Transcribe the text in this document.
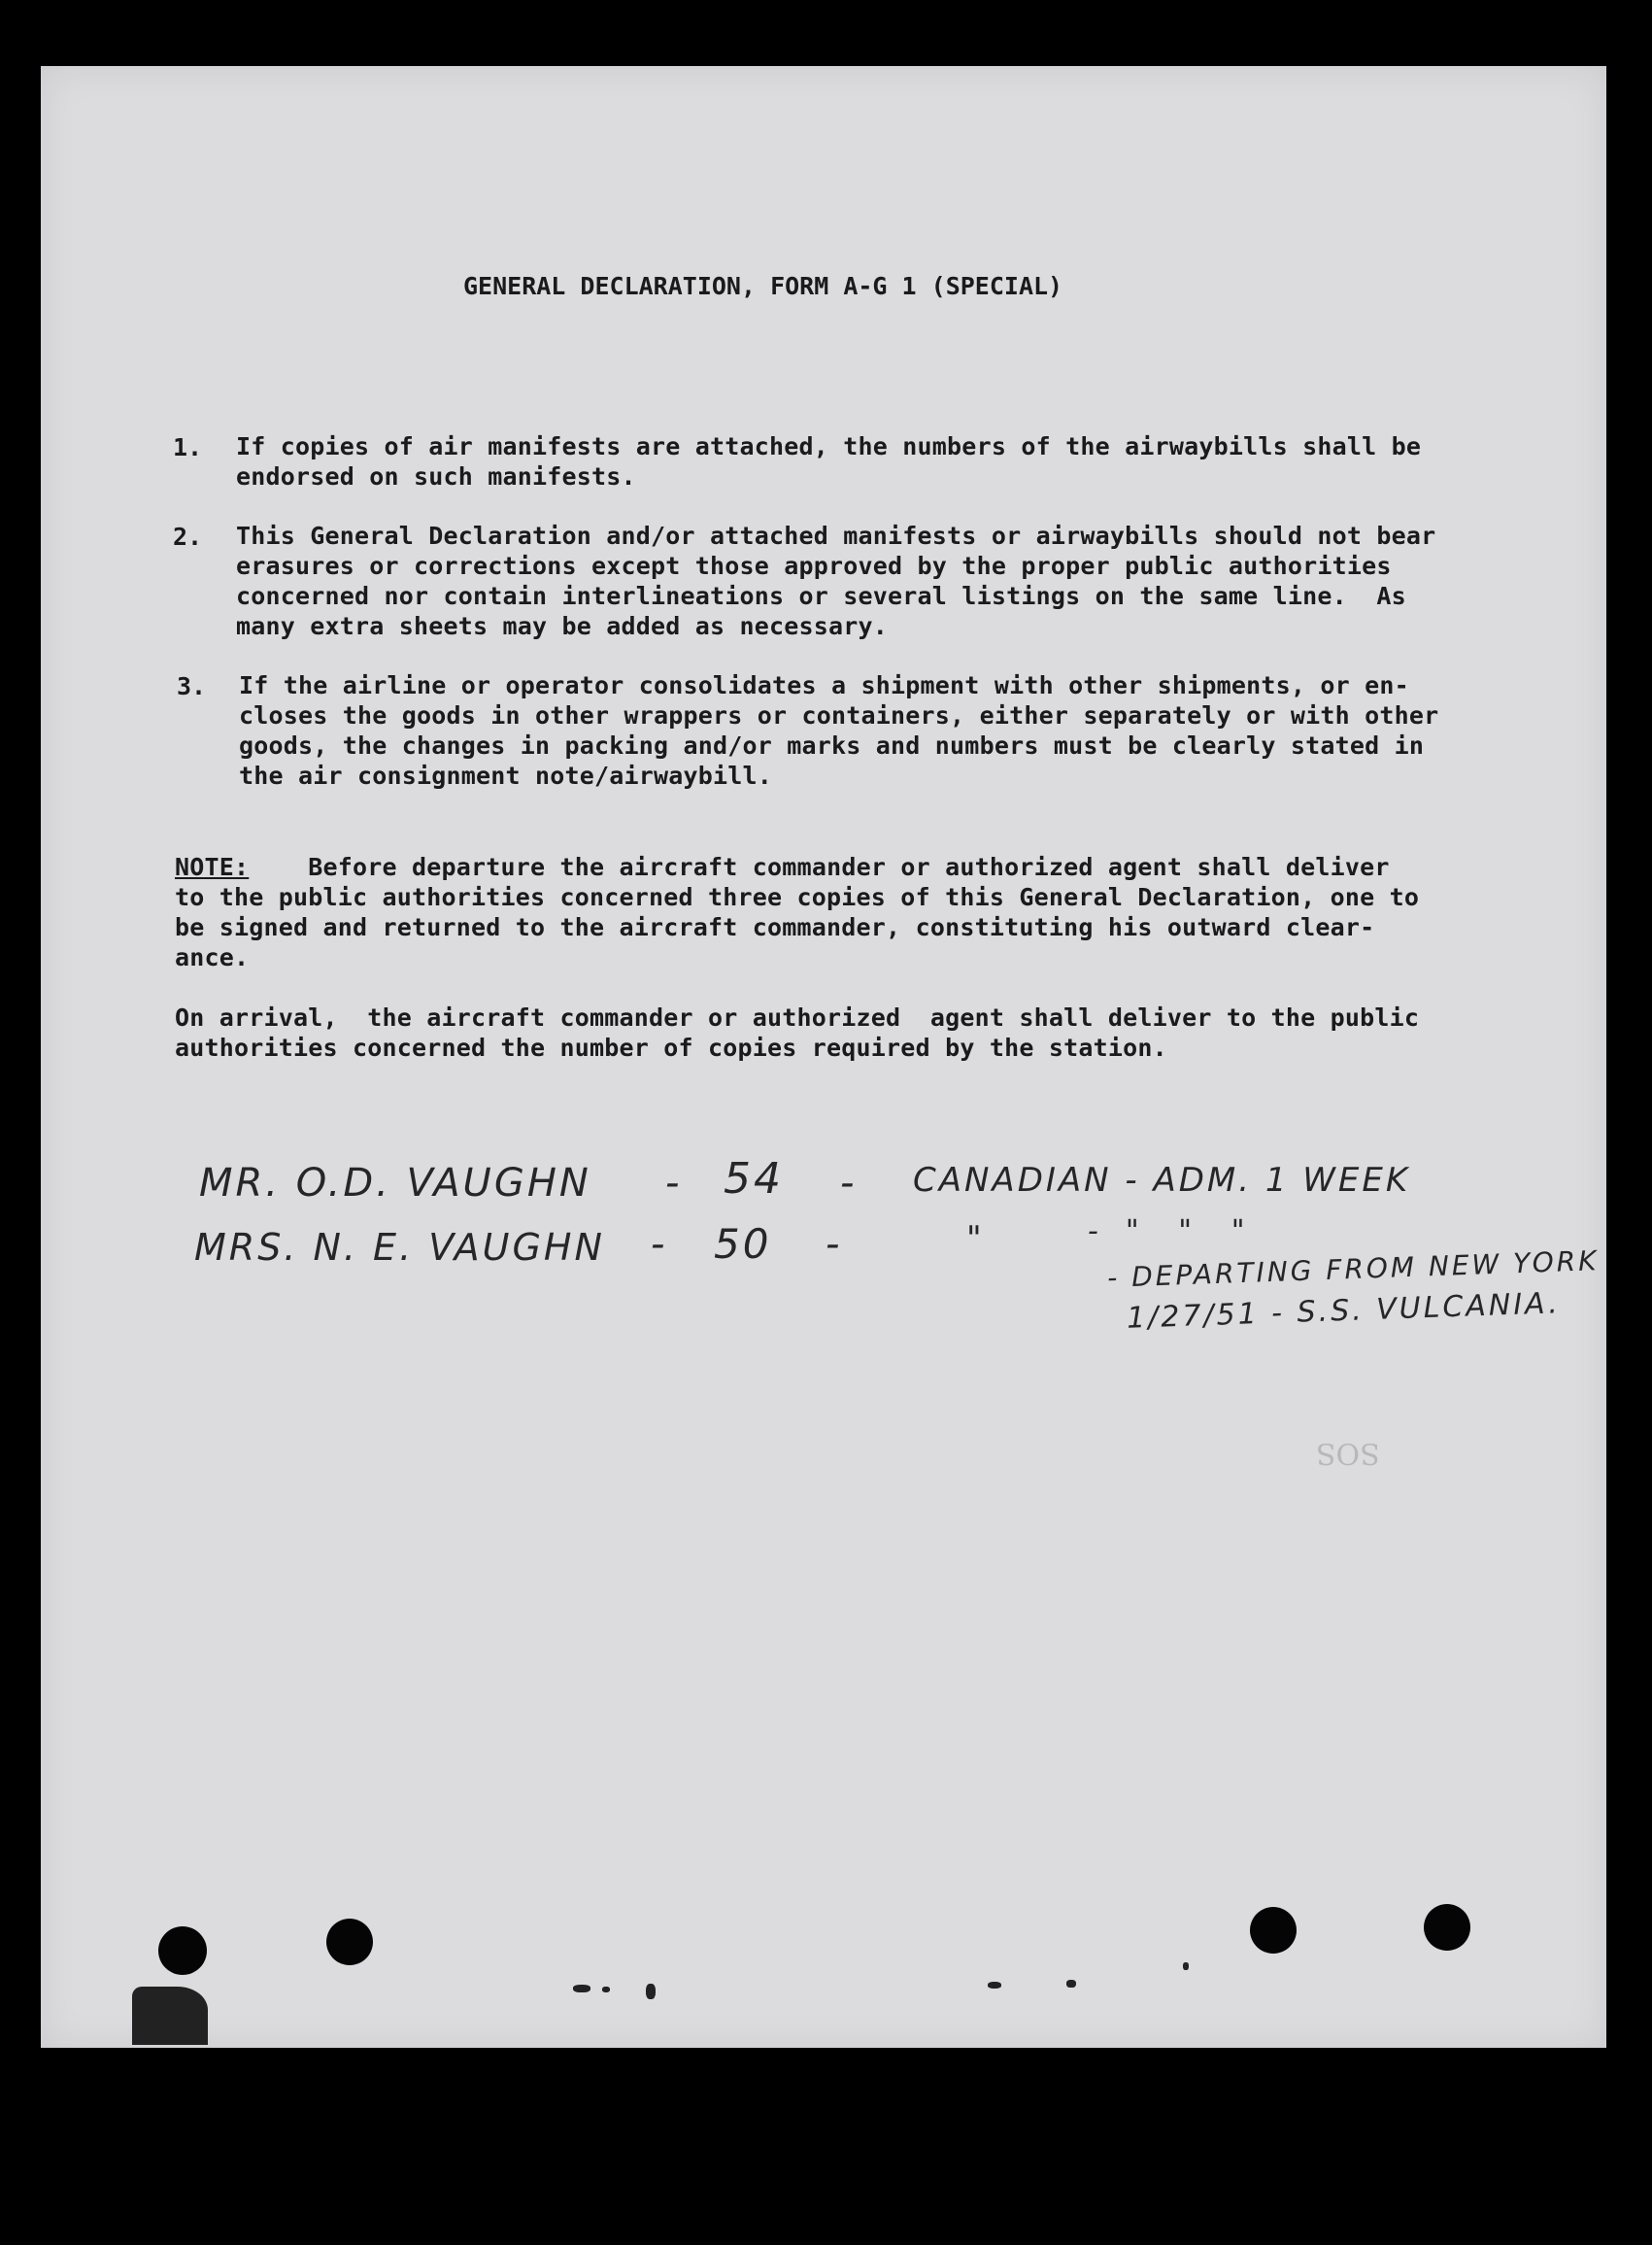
GENERAL DECLARATION, FORM A-G 1 (SPECIAL)
1. If copies of air manifests are attached, the numbers of the airwaybills shall be
endorsed on such manifests.
2. This General Declaration and/or attached manifests or airwaybills should not bear
erasures or corrections except those approved by the proper public authorities
concerned nor contain interlineations or several listings on the same line.  As
many extra sheets may be added as necessary.
3. If the airline or operator consolidates a shipment with other shipments, or en-
closes the goods in other wrappers or containers, either separately or with other
goods, the changes in packing and/or marks and numbers must be clearly stated in
the air consignment note/airwaybill.
NOTE:    Before departure the aircraft commander or authorized agent shall deliver
to the public authorities concerned three copies of this General Declaration, one to
be signed and returned to the aircraft commander, constituting his outward clear-
ance.
On arrival,  the aircraft commander or authorized  agent shall deliver to the public
authorities concerned the number of copies required by the station.
MR. O.D. VAUGHN - 54 - CANADIAN - ADM. 1 WEEK
MRS. N. E. VAUGHN - 50 -	"	-  "   "   "
- DEPARTING FROM NEW YORK
1/27/51 - S.S. VULCANIA.
SOS
